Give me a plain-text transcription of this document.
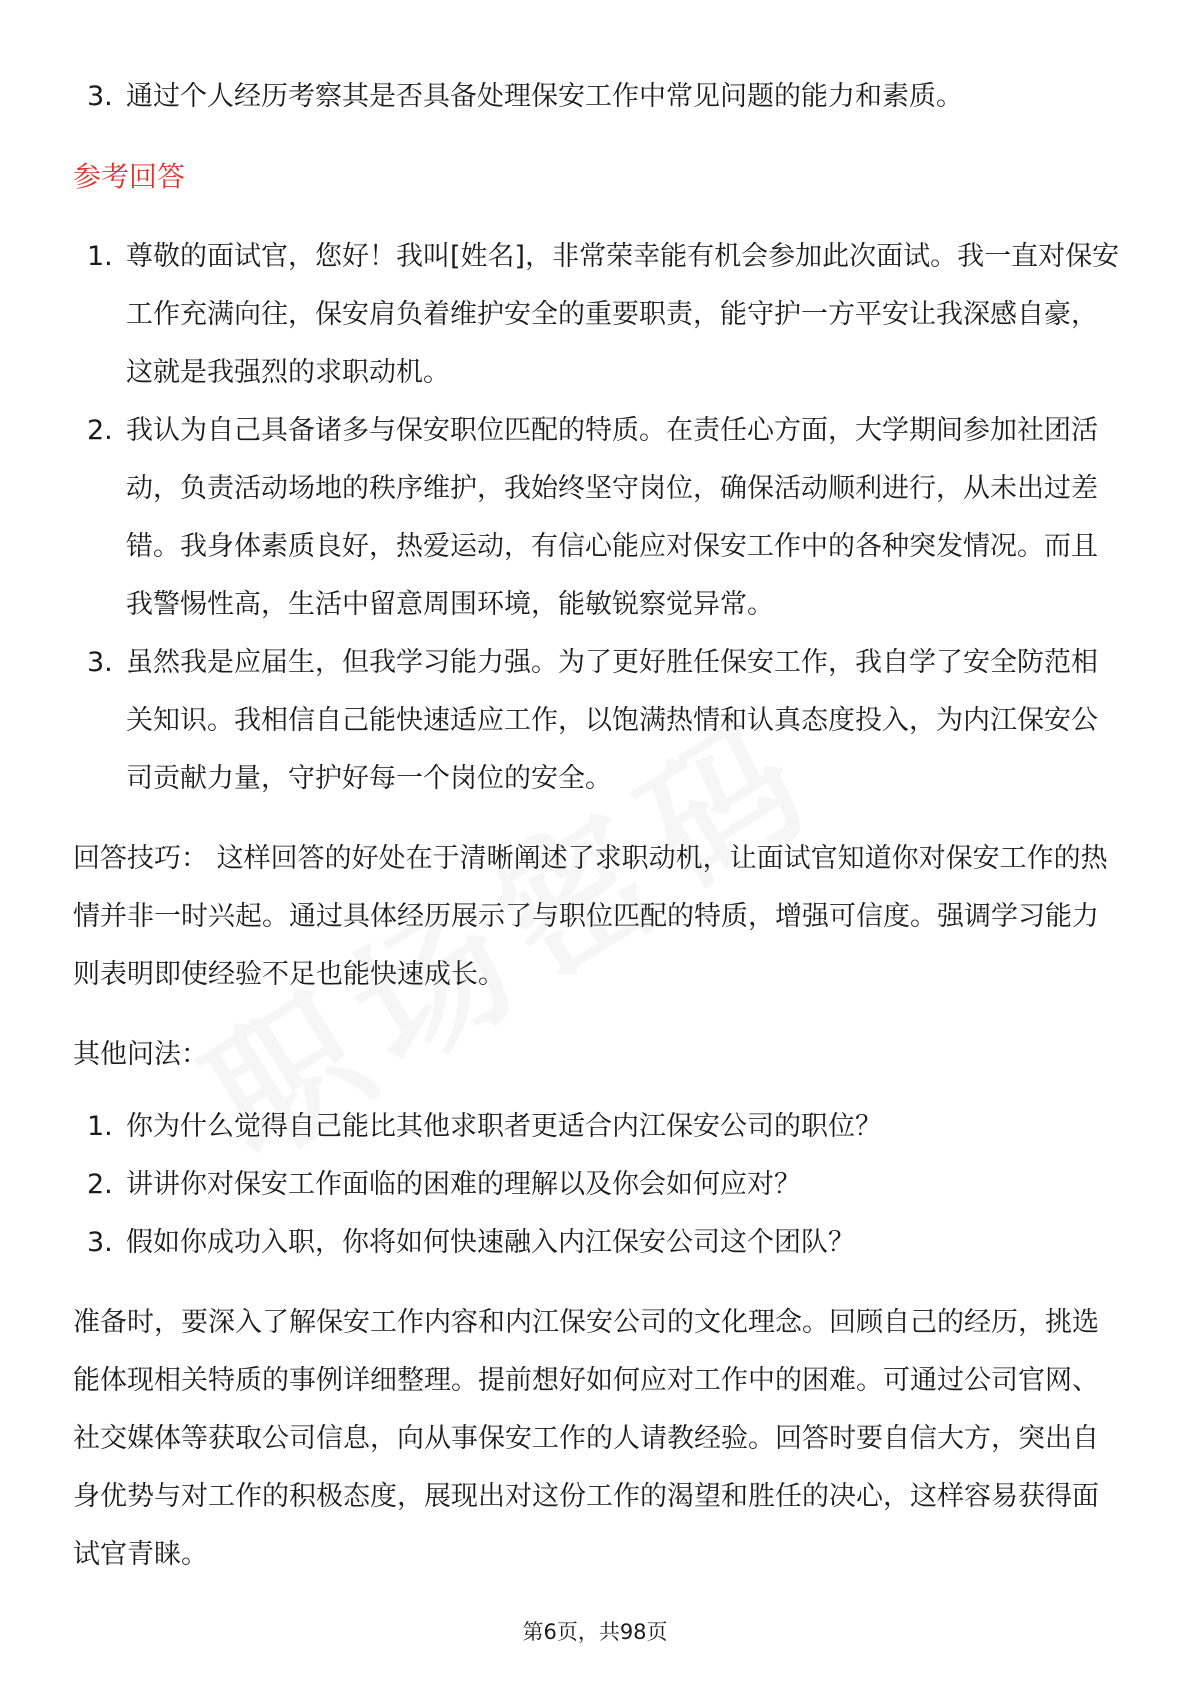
3. 通过个人经历考察其是否具备处理保安工作中常见问题的能力和素质。

参考回答

1. 尊敬的面试官，您好！我叫[姓名]，非常荣幸能有机会参加此次面试。我一直对保安工作充满向往，保安肩负着维护安全的重要职责，能守护一方平安让我深感自豪，这就是我强烈的求职动机。
2. 我认为自己具备诸多与保安职位匹配的特质。在责任心方面，大学期间参加社团活动，负责活动场地的秩序维护，我始终坚守岗位，确保活动顺利进行，从未出过差错。我身体素质良好，热爱运动，有信心能应对保安工作中的各种突发情况。而且我警惕性高，生活中留意周围环境，能敏锐察觉异常。
3. 虽然我是应届生，但我学习能力强。为了更好胜任保安工作，我自学了安全防范相关知识。我相信自己能快速适应工作，以饱满热情和认真态度投入，为内江保安公司贡献力量，守护好每一个岗位的安全。

回答技巧： 这样回答的好处在于清晰阐述了求职动机，让面试官知道你对保安工作的热情并非一时兴起。通过具体经历展示了与职位匹配的特质，增强可信度。强调学习能力则表明即使经验不足也能快速成长。

其他问法：

1. 你为什么觉得自己能比其他求职者更适合内江保安公司的职位？
2. 讲讲你对保安工作面临的困难的理解以及你会如何应对？
3. 假如你成功入职，你将如何快速融入内江保安公司这个团队？

准备时，要深入了解保安工作内容和内江保安公司的文化理念。回顾自己的经历，挑选能体现相关特质的事例详细整理。提前想好如何应对工作中的困难。可通过公司官网、社交媒体等获取公司信息，向从事保安工作的人请教经验。回答时要自信大方，突出自身优势与对工作的积极态度，展现出对这份工作的渴望和胜任的决心，这样容易获得面试官青睐。

第6页，共98页
